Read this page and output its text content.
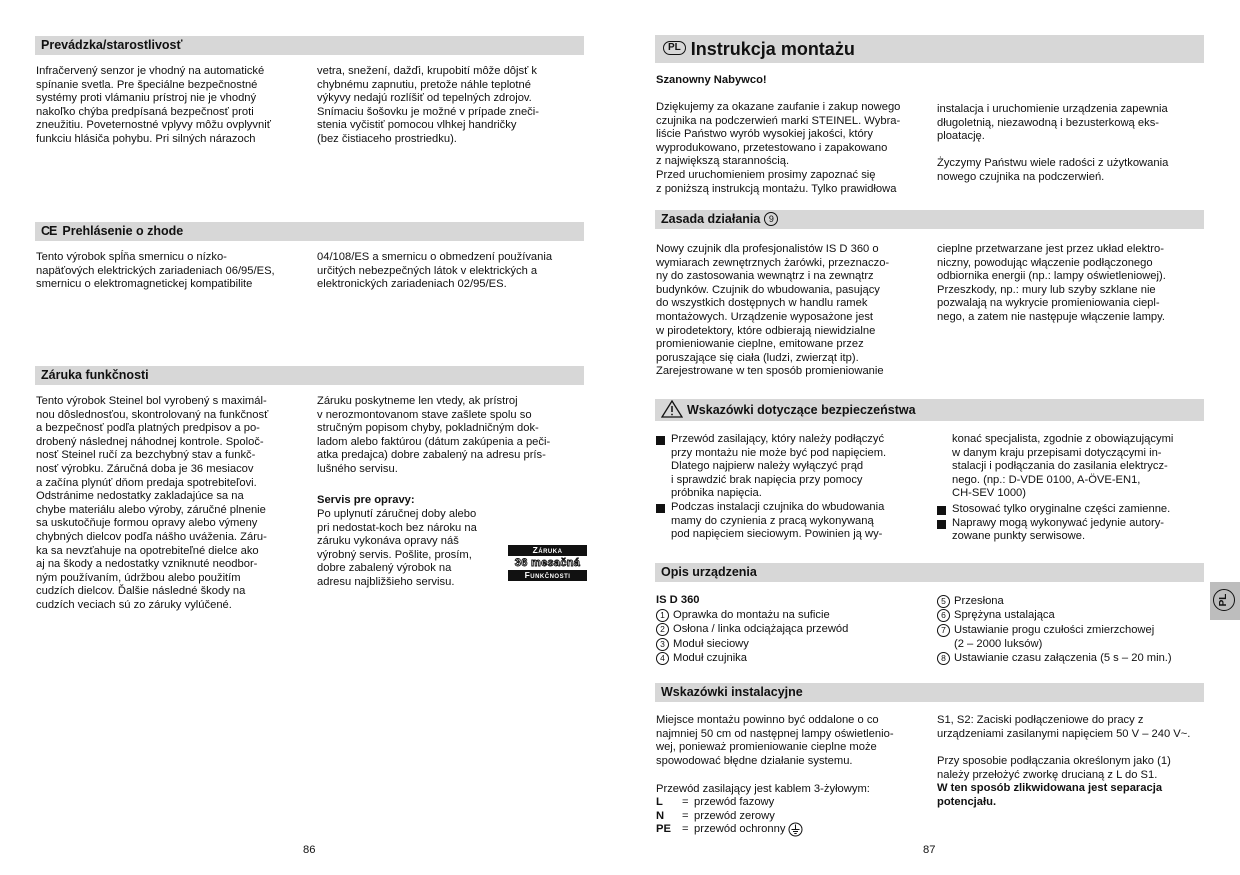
Prevádzka/starostlivosť

Infračervený senzor je vhodný na automatické
spínanie svetla. Pre špeciálne bezpečnostné
systémy proti vlámaniu prístroj nie je vhodný
nakoľko chýba predpísaná bezpečnosť proti
zneužitiu. Poveternostné vplyvy môžu ovplyvniť
funkciu hlásiča pohybu. Pri silných nárazoch

vetra, snežení, dažďi, krupobití môže dôjsť k
chybnému zapnutiu, pretože náhle teplotné
výkyvy nedajú rozlíšiť od tepelných zdrojov.
Snímaciu šošovku je možné v prípade zneči-
stenia vyčistiť pomocou vlhkej handričky
(bez čistiaceho prostriedku).

CE Prehlásenie o zhode

Tento výrobok spĺňa smernicu o nízko-
napäťových elektrických zariadeniach 06/95/ES,
smernicu o elektromagnetickej kompatibilite

04/108/ES a smernicu o obmedzení používania
určitých nebezpečných látok v elektrických a
elektronických zariadeniach 02/95/ES.

Záruka funkčnosti

Tento výrobok Steinel bol vyrobený s maximál-
nou dôslednosťou, skontrolovaný na funkčnosť
a bezpečnosť podľa platných predpisov a po-
drobený následnej náhodnej kontrole. Spoloč-
nosť Steinel ručí za bezchybný stav a funkč-
nosť výrobku. Záručná doba je 36 mesiacov
a začína plynúť dňom predaja spotrebiteľovi.
Odstránime nedostatky zakladajúce sa na
chybe materiálu alebo výroby, záručné plnenie
sa uskutočňuje formou opravy alebo výmeny
chybných dielcov podľa nášho uváženia. Záru-
ka sa nevzťahuje na opotrebiteľné dielce ako
aj na škody a nedostatky vzniknuté neodbor-
ným používaním, údržbou alebo použitím
cudzích dielcov. Ďalšie následné škody na
cudzích veciach sú zo záruky vylúčené.

Záruku poskytneme len vtedy, ak prístroj
v nerozmontovanom stave zašlete spolu so
stručným popisom chyby, pokladničným dok-
ladom alebo faktúrou (dátum zakúpenia a peči-
atka predajca) dobre zabalený na adresu prís-
lušného servisu.

Servis pre opravy:

Po uplynutí záručnej doby alebo
pri nedostat-koch bez nároku na
záruku vykonáva opravy náš
výrobný servis. Pošlite, prosím,
dobre zabalený výrobok na
adresu najbližšieho servisu.

Záruka
36 mesačná
Funkčnosti
86
PL Instrukcja montażu

Szanowny Nabywco!

Dziękujemy za okazane zaufanie i zakup nowego
czujnika na podczerwień marki STEINEL. Wybra-
liście Państwo wyrób wysokiej jakości, który
wyprodukowano, przetestowano i zapakowano
z największą starannością.
Przed uruchomieniem prosimy zapoznać się
z poniższą instrukcją montażu. Tylko prawidłowa

instalacja i uruchomienie urządzenia zapewnia
długoletnią, niezawodną i bezusterkową eks-
ploatację.

Życzymy Państwu wiele radości z użytkowania
nowego czujnika na podczerwień.

Zasada działania 9

Nowy czujnik dla profesjonalistów IS D 360 o
wymiarach zewnętrznych żarówki, przeznaczo-
ny do zastosowania wewnątrz i na zewnątrz
budynków. Czujnik do wbudowania, pasujący
do wszystkich dostępnych w handlu ramek
montażowych. Urządzenie wyposażone jest
w pirodetektory, które odbierają niewidzialne
promieniowanie cieplne, emitowane przez
poruszające się ciała (ludzi, zwierząt itp).
Zarejestrowane w ten sposób promieniowanie

cieplne przetwarzane jest przez układ elektro-
niczny, powodując włączenie podłączonego
odbiornika energii (np.: lampy oświetleniowej).
Przeszkody, np.: mury lub szyby szklane nie
pozwalają na wykrycie promieniowania ciepl-
nego, a zatem nie następuje włączenie lampy.

Wskazówki dotyczące bezpieczeństwa
Przewód zasilający, który należy podłączyć
przy montażu nie może być pod napięciem.
Dlatego najpierw należy wyłączyć prąd
i sprawdzić brak napięcia przy pomocy
próbnika napięcia.
Podczas instalacji czujnika do wbudowania
mamy do czynienia z pracą wykonywaną
pod napięciem sieciowym. Powinien ją wy-

konać specjalista, zgodnie z obowiązującymi
w danym kraju przepisami dotyczącymi in-
stalacji i podłączania do zasilania elektrycz-
nego. (np.: D-VDE 0100, A-ÖVE-EN1,
CH-SEV 1000)

Stosować tylko oryginalne części zamienne.
Naprawy mogą wykonywać jedynie autory-
zowane punkty serwisowe.
Opis urządzenia

IS D 360

1 Oprawka do montażu na suficie
2 Osłona / linka odciążająca przewód
3 Moduł sieciowy
4 Moduł czujnika
5 Przesłona
6 Sprężyna ustalająca
7 Ustawianie progu czułości zmierzchowej
(2 – 2000 luksów)
8 Ustawianie czasu załączenia (5 s – 20 min.)
Wskazówki instalacyjne

Miejsce montażu powinno być oddalone o co
najmniej 50 cm od następnej lampy oświetlenio-
wej, ponieważ promieniowanie cieplne może
spowodować błędne działanie systemu.

Przewód zasilający jest kablem 3-żyłowym:

L	= przewód fazowy
N	= przewód zerowy
PE = przewód ochronny

S1, S2: Zaciski podłączeniowe do pracy z
urządzeniami zasilanymi napięciem 50 V – 240 V~.

Przy sposobie podłączania określonym jako (1)
należy przełożyć zworkę drucianą z L do S1.

W ten sposób zlikwidowana jest separacja
potencjału.

87
PL
